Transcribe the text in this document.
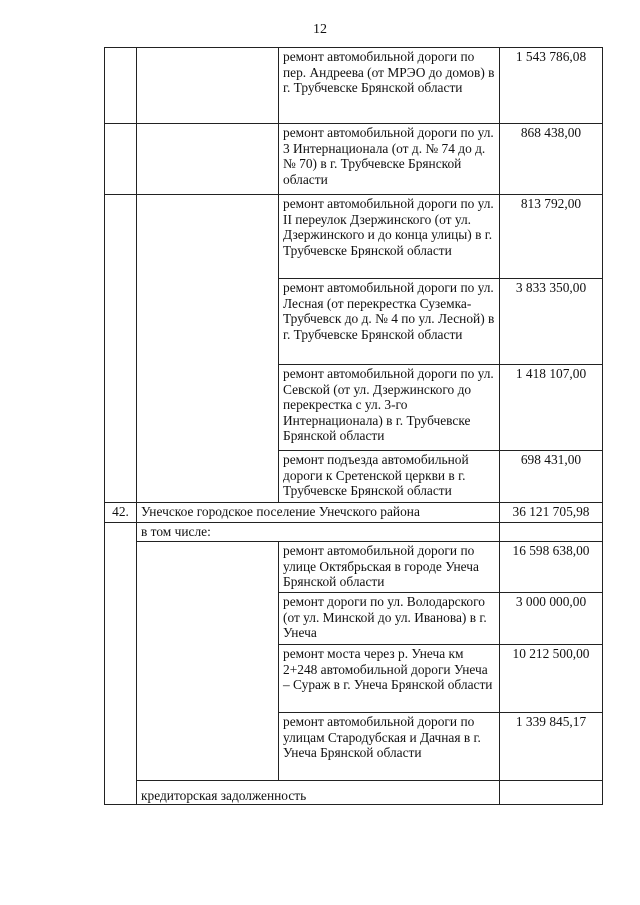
12
		ремонт автомобильной дороги по пер. Андреева (от МРЭО до домов) в г. Трубчевске Брянской области	1 543 786,08
		ремонт автомобильной дороги по ул. 3 Интернационала (от д. № 74 до д. № 70) в г. Трубчевске Брянской области	868 438,00
		ремонт автомобильной дороги по ул. II переулок Дзержинского (от ул. Дзержинского и до конца улицы) в г. Трубчевске Брянской области	813 792,00
		ремонт автомобильной дороги по ул. Лесная (от перекрестка Суземка-Трубчевск до д. № 4 по ул. Лесной) в г. Трубчевске Брянской области	3 833 350,00
		ремонт автомобильной дороги по ул. Севской (от ул. Дзержинского до перекрестка с ул. 3-го Интернационала) в г. Трубчевске Брянской области	1 418 107,00
		ремонт подъезда автомобильной дороги к Сретенской церкви в г. Трубчевске Брянской области	698 431,00
42.	Унечское городское поселение Унечского района		36 121 705,98
	в том числе:		
		ремонт автомобильной дороги по улице Октябрьская в городе Унеча Брянской области	16 598 638,00
		ремонт дороги по ул. Володарского (от ул. Минской до ул. Иванова) в г. Унеча	3 000 000,00
		ремонт моста через р. Унеча км 2+248 автомобильной дороги Унеча – Сураж в г. Унеча Брянской области	10 212 500,00
		ремонт автомобильной дороги по улицам Стародубская и Дачная в г. Унеча Брянской области	1 339 845,17
	кредиторская задолженность		
